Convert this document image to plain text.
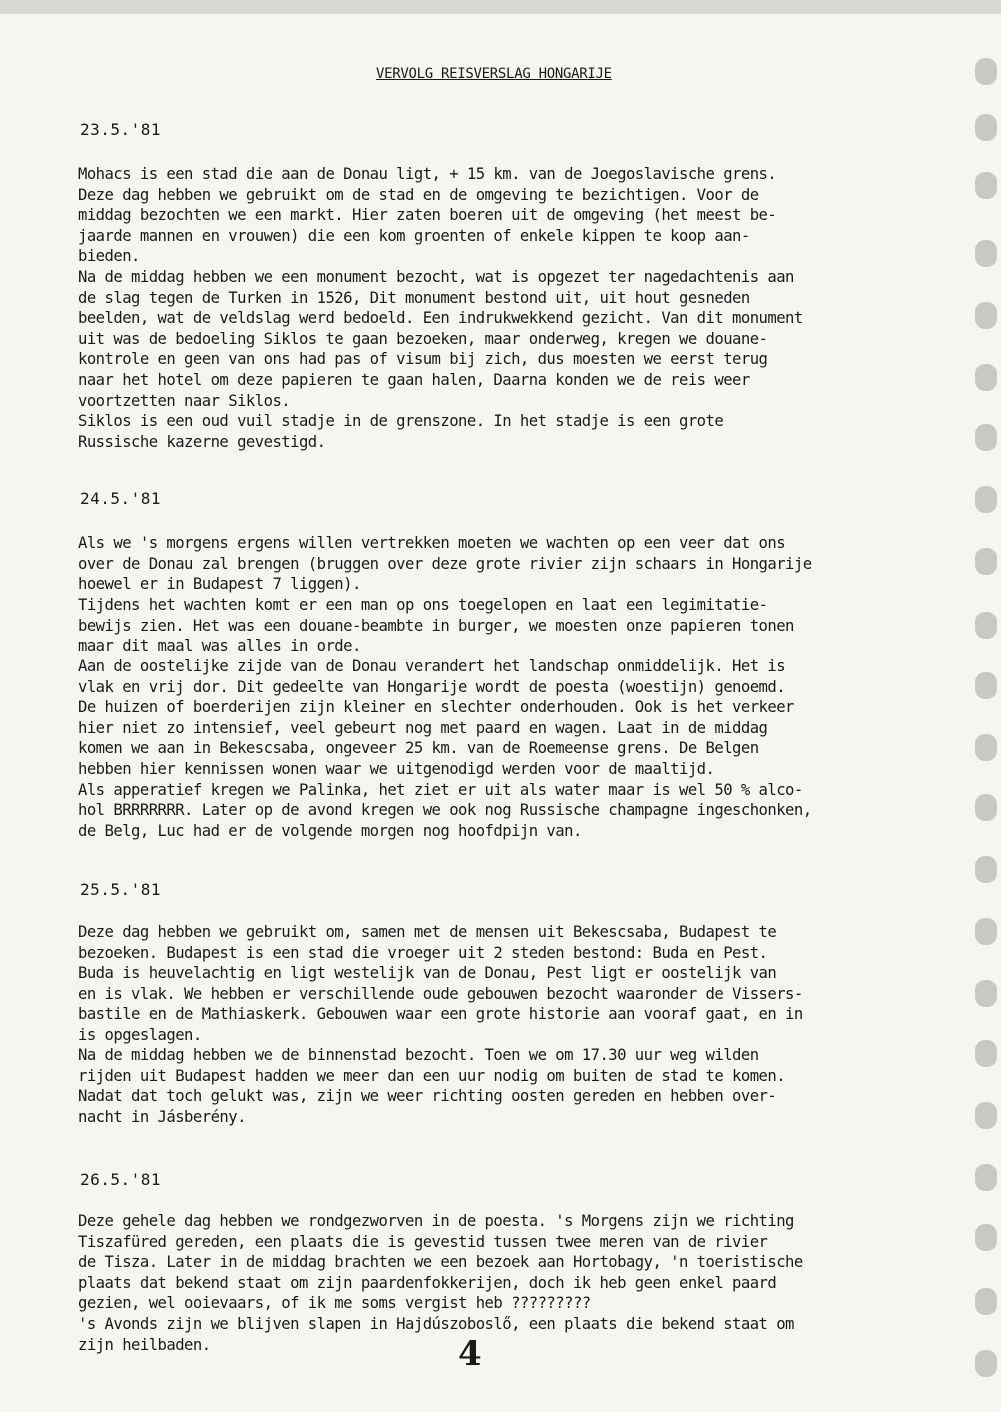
VERVOLG REISVERSLAG HONGARIJE
23.5.'81

Mohacs is een stad die aan de Donau ligt, + 15 km. van de Joegoslavische grens.
Deze dag hebben we gebruikt om de stad en de omgeving te bezichtigen. Voor de
middag bezochten we een markt. Hier zaten boeren uit de omgeving (het meest be-
jaarde mannen en vrouwen) die een kom groenten of enkele kippen te koop aan-
bieden.

Na de middag hebben we een monument bezocht, wat is opgezet ter nagedachtenis aan
de slag tegen de Turken in 1526, Dit monument bestond uit, uit hout gesneden
beelden, wat de veldslag werd bedoeld. Een indrukwekkend gezicht. Van dit monument
uit was de bedoeling Siklos te gaan bezoeken, maar onderweg, kregen we douane-
kontrole en geen van ons had pas of visum bij zich, dus moesten we eerst terug
naar het hotel om deze papieren te gaan halen, Daarna konden we de reis weer
voortzetten naar Siklos.

Siklos is een oud vuil stadje in de grenszone. In het stadje is een grote
Russische kazerne gevestigd.

24.5.'81

Als we 's morgens ergens willen vertrekken moeten we wachten op een veer dat ons
over de Donau zal brengen (bruggen over deze grote rivier zijn schaars in Hongarije
hoewel er in Budapest 7 liggen).

Tijdens het wachten komt er een man op ons toegelopen en laat een legimitatie-
bewijs zien. Het was een douane-beambte in burger, we moesten onze papieren tonen
maar dit maal was alles in orde.

Aan de oostelijke zijde van de Donau verandert het landschap onmiddelijk. Het is
vlak en vrij dor. Dit gedeelte van Hongarije wordt de poesta (woestijn) genoemd.
De huizen of boerderijen zijn kleiner en slechter onderhouden. Ook is het verkeer
hier niet zo intensief, veel gebeurt nog met paard en wagen. Laat in de middag
komen we aan in Bekescsaba, ongeveer 25 km. van de Roemeense grens. De Belgen
hebben hier kennissen wonen waar we uitgenodigd werden voor de maaltijd.
Als apperatief kregen we Palinka, het ziet er uit als water maar is wel 50 % alco-
hol BRRRRRRR. Later op de avond kregen we ook nog Russische champagne ingeschonken,
de Belg, Luc had er de volgende morgen nog hoofdpijn van.

25.5.'81

Deze dag hebben we gebruikt om, samen met de mensen uit Bekescsaba, Budapest te
bezoeken. Budapest is een stad die vroeger uit 2 steden bestond: Buda en Pest.
Buda is heuvelachtig en ligt westelijk van de Donau, Pest ligt er oostelijk van
en is vlak. We hebben er verschillende oude gebouwen bezocht waaronder de Vissers-
bastile en de Mathiaskerk. Gebouwen waar een grote historie aan vooraf gaat, en in
is opgeslagen.

Na de middag hebben we de binnenstad bezocht. Toen we om 17.30 uur weg wilden
rijden uit Budapest hadden we meer dan een uur nodig om buiten de stad te komen.
Nadat dat toch gelukt was, zijn we weer richting oosten gereden en hebben over-
nacht in Jásberény.

26.5.'81

Deze gehele dag hebben we rondgezworven in de poesta. 's Morgens zijn we richting
Tiszafüred gereden, een plaats die is gevestid tussen twee meren van de rivier
de Tisza. Later in de middag brachten we een bezoek aan Hortobagy, 'n toeristische
plaats dat bekend staat om zijn paardenfokkerijen, doch ik heb geen enkel paard
gezien, wel ooievaars, of ik me soms vergist heb ?????????

's Avonds zijn we blijven slapen in Hajdúszoboslő, een plaats die bekend staat om
zijn heilbaden.	4
